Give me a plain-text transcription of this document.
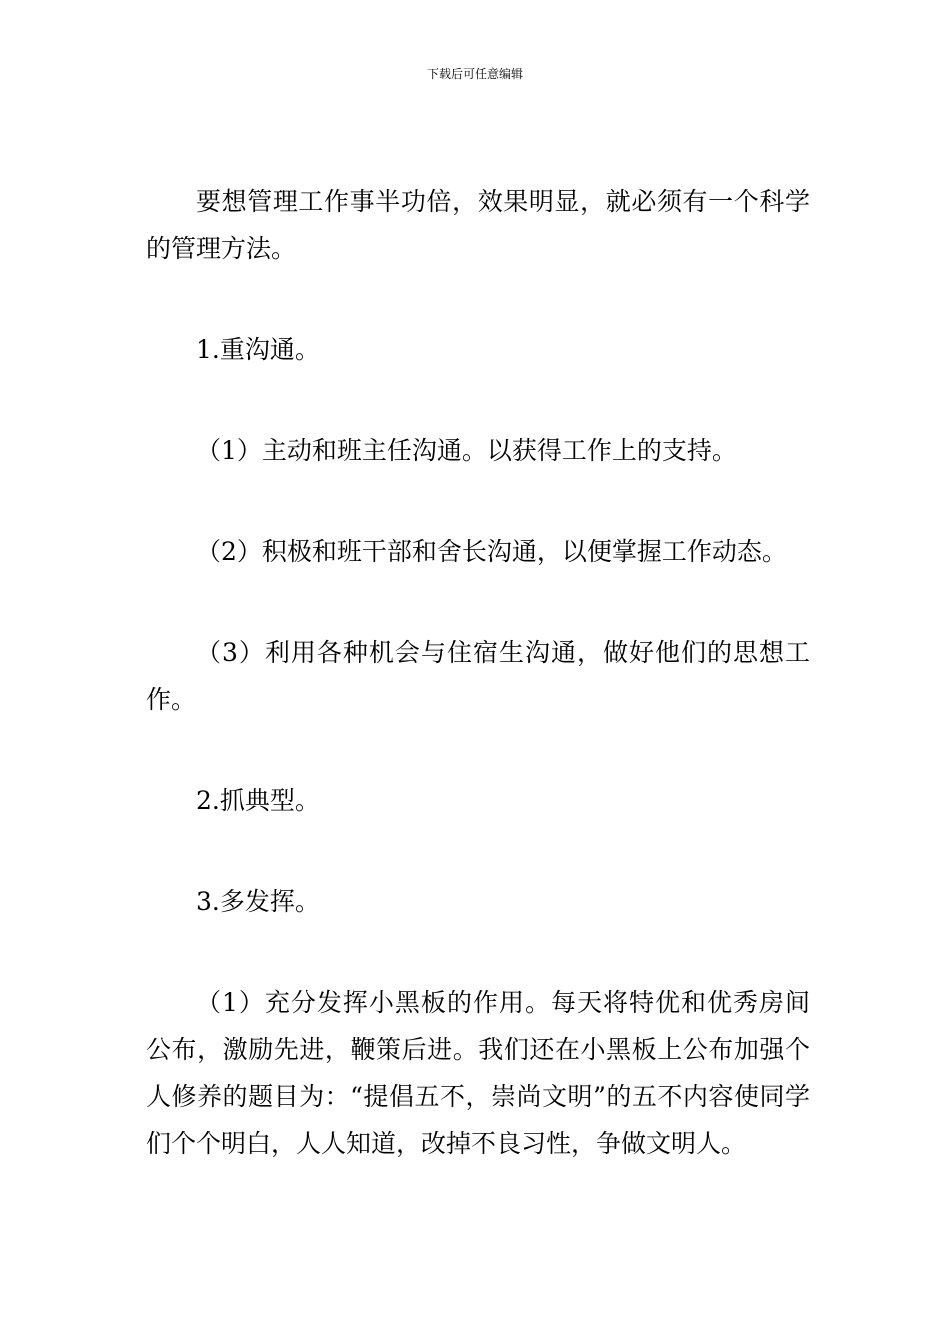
下载后可任意编辑

要想管理工作事半功倍，效果明显，就必须有一个科学的管理方法。

1.重沟通。

（1）主动和班主任沟通。以获得工作上的支持。

（2）积极和班干部和舍长沟通，以便掌握工作动态。

（3）利用各种机会与住宿生沟通，做好他们的思想工作。

2.抓典型。

3.多发挥。

（1）充分发挥小黑板的作用。每天将特优和优秀房间公布，激励先进，鞭策后进。我们还在小黑板上公布加强个人修养的题目为：“提倡五不，崇尚文明”的五不内容使同学们个个明白，人人知道，改掉不良习性，争做文明人。
